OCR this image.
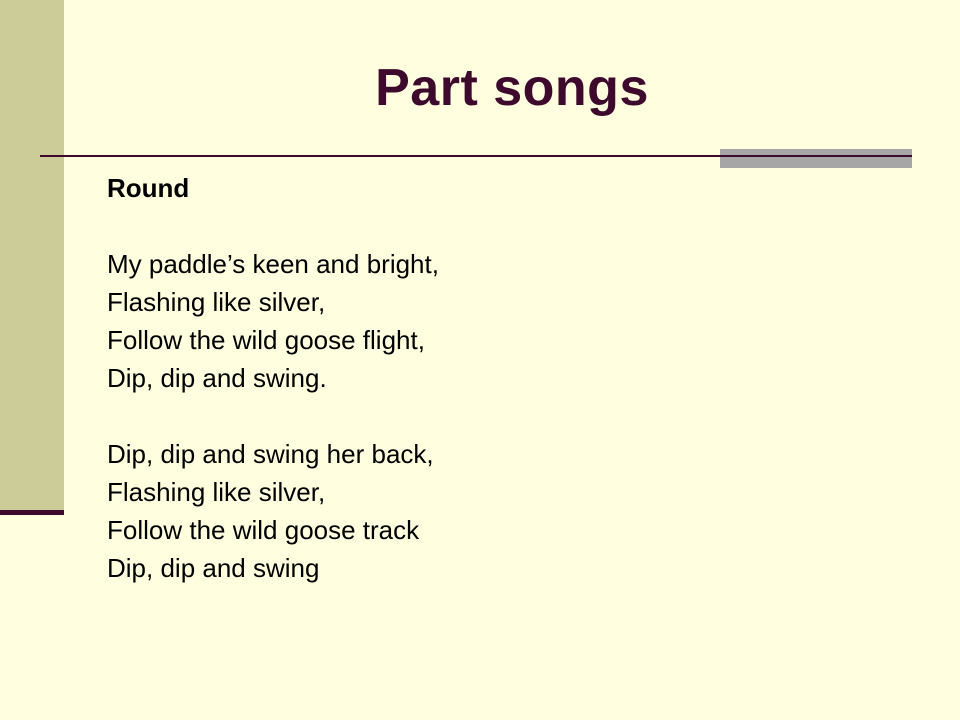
Part songs
Round
My paddle’s keen and bright,
Flashing like silver,
Follow the wild goose flight,
Dip, dip and swing.
Dip, dip and swing her back,
Flashing like silver,
Follow the wild goose track
Dip, dip and swing
